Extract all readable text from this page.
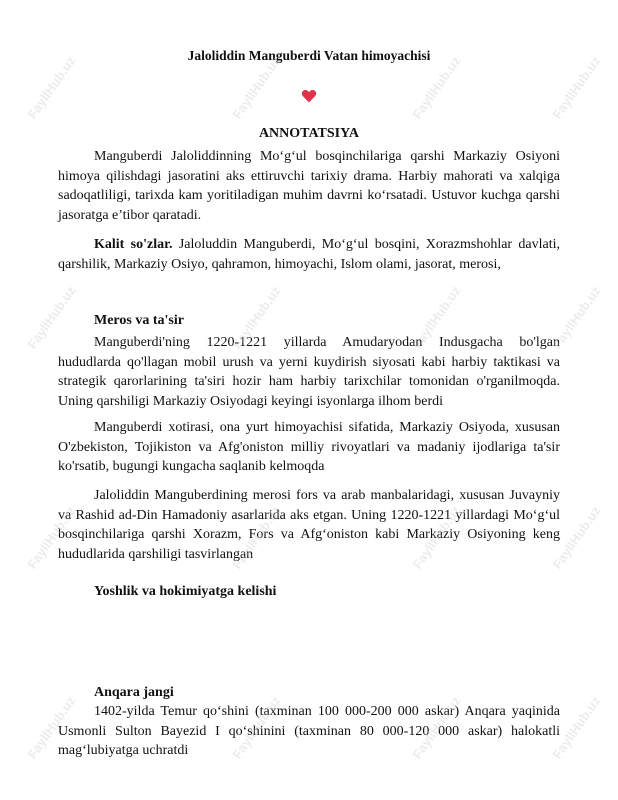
Jaloliddin Manguberdi Vatan himoyachisi
ANNOTATSIYA

Manguberdi Jaloliddinning Mo‘g‘ul bosqinchilariga qarshi Markaziy Osiyoni himoya qilishdagi jasoratini aks ettiruvchi tarixiy drama. Harbiy mahorati va xalqiga sadoqatliligi, tarixda kam yoritiladigan muhim davrni ko‘rsatadi. Ustuvor kuchga qarshi jasoratga e’tibor qaratadi.

Kalit so'zlar. Jaloluddin Manguberdi, Mo‘g‘ul bosqini, Xorazmshohlar davlati, qarshilik, Markaziy Osiyo, qahramon, himoyachi, Islom olami, jasorat, merosi,

Meros va ta'sir

Manguberdi'ning 1220-1221 yillarda Amudaryodan Indusgacha bo'lgan hududlarda qo'llagan mobil urush va yerni kuydirish siyosati kabi harbiy taktikasi va strategik qarorlarining ta'siri hozir ham harbiy tarixchilar tomonidan o'rganilmoqda. Uning qarshiligi Markaziy Osiyodagi keyingi isyonlarga ilhom berdi

Manguberdi xotirasi, ona yurt himoyachisi sifatida, Markaziy Osiyoda, xususan O'zbekiston, Tojikiston va Afg'oniston milliy rivoyatlari va madaniy ijodlariga ta'sir ko'rsatib, bugungi kungacha saqlanib kelmoqda

Jaloliddin Manguberdining merosi fors va arab manbalaridagi, xususan Juvayniy va Rashid ad-Din Hamadoniy asarlarida aks etgan. Uning 1220-1221 yillardagi Mo‘g‘ul bosqinchilariga qarshi Xorazm, Fors va Afg‘oniston kabi Markaziy Osiyoning keng hududlarida qarshiligi tasvirlangan

Yoshlik va hokimiyatga kelishi
Anqara jangi

1402-yilda Temur qo‘shini (taxminan 100 000-200 000 askar) Anqara yaqinida Usmonli Sulton Bayezid I qo‘shinini (taxminan 80 000-120 000 askar) halokatli mag‘lubiyatga uchratdi

FayllHub.uz	FayllHub.uz	FayllHub.uz	FayllHub.uz
FayllHub.uz	FayllHub.uz	FayllHub.uz	FayllHub.uz
FayllHub.uz	FayllHub.uz	FayllHub.uz	FayllHub.uz
FayllHub.uz	FayllHub.uz	FayllHub.uz	FayllHub.uz
